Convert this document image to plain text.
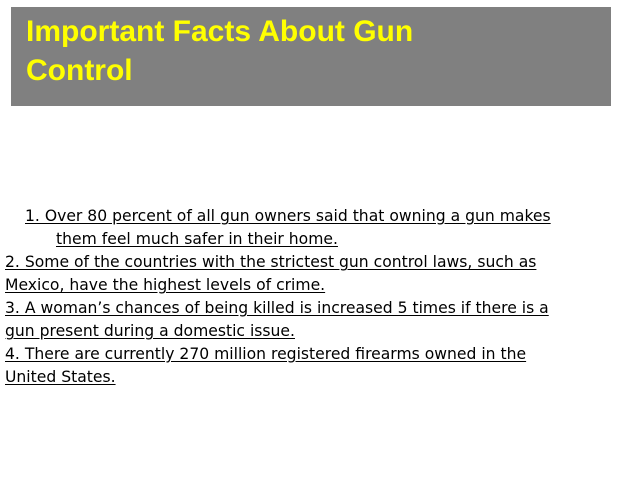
Important Facts About Gun
Control

1. Over 80 percent of all gun owners said that owning a gun makes
them feel much safer in their home.
2. Some of the countries with the strictest gun control laws, such as
Mexico, have the highest levels of crime.
3. A woman’s chances of being killed is increased 5 times if there is a
gun present during a domestic issue.
4. There are currently 270 million registered firearms owned in the
United States.
